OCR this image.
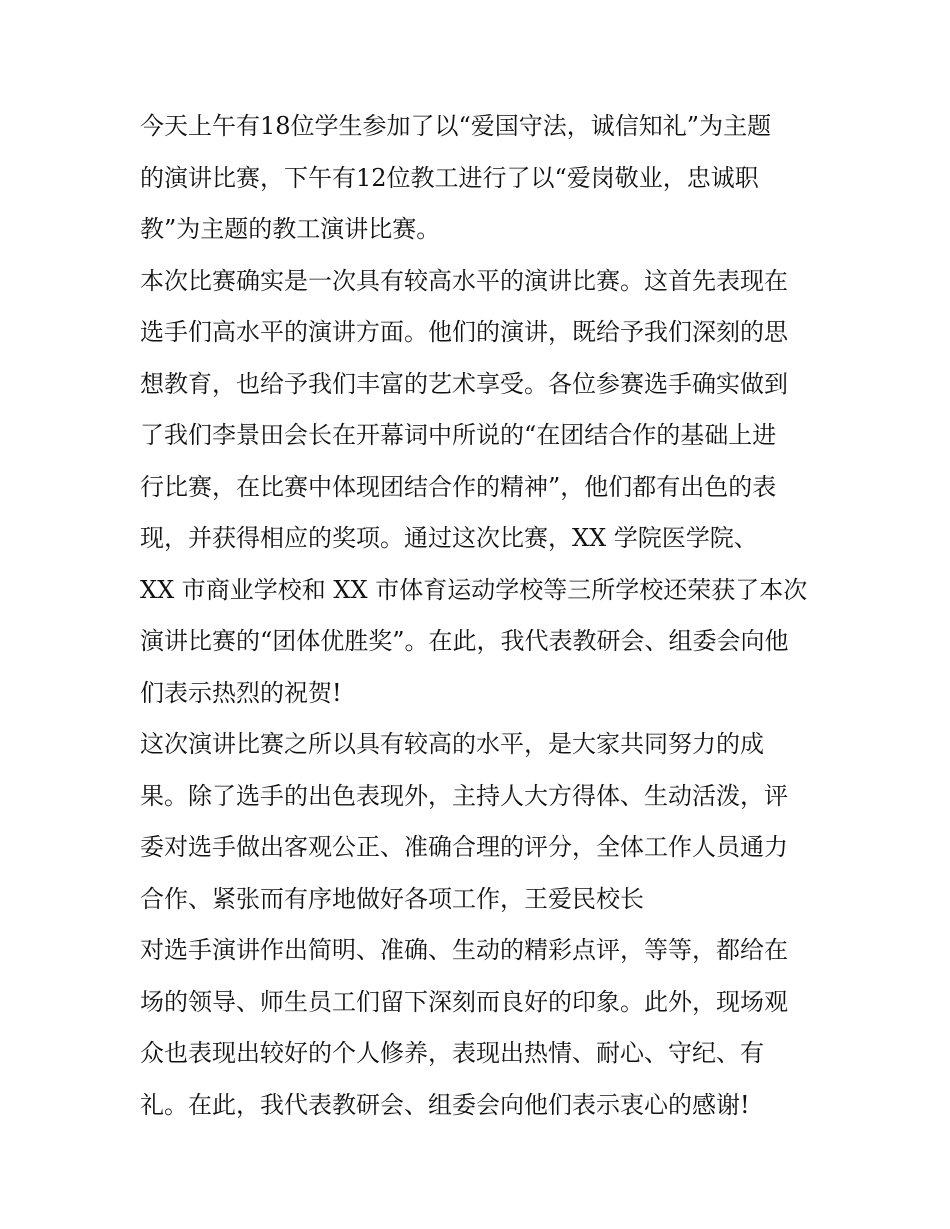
今天上午有18位学生参加了以“爱国守法，诚信知礼”为主题
的演讲比赛，下午有12位教工进行了以“爱岗敬业，忠诚职
教”为主题的教工演讲比赛。
本次比赛确实是一次具有较高水平的演讲比赛。这首先表现在
选手们高水平的演讲方面。他们的演讲，既给予我们深刻的思
想教育，也给予我们丰富的艺术享受。各位参赛选手确实做到
了我们李景田会长在开幕词中所说的“在团结合作的基础上进
行比赛，在比赛中体现团结合作的精神”，他们都有出色的表
现，并获得相应的奖项。通过这次比赛，XX 学院医学院、
XX 市商业学校和 XX 市体育运动学校等三所学校还荣获了本次
演讲比赛的“团体优胜奖”。在此，我代表教研会、组委会向他
们表示热烈的祝贺!
这次演讲比赛之所以具有较高的水平，是大家共同努力的成
果。除了选手的出色表现外，主持人大方得体、生动活泼，评
委对选手做出客观公正、准确合理的评分，全体工作人员通力
合作、紧张而有序地做好各项工作，王爱民校长
对选手演讲作出简明、准确、生动的精彩点评，等等，都给在
场的领导、师生员工们留下深刻而良好的印象。此外，现场观
众也表现出较好的个人修养，表现出热情、耐心、守纪、有
礼。在此，我代表教研会、组委会向他们表示衷心的感谢!
